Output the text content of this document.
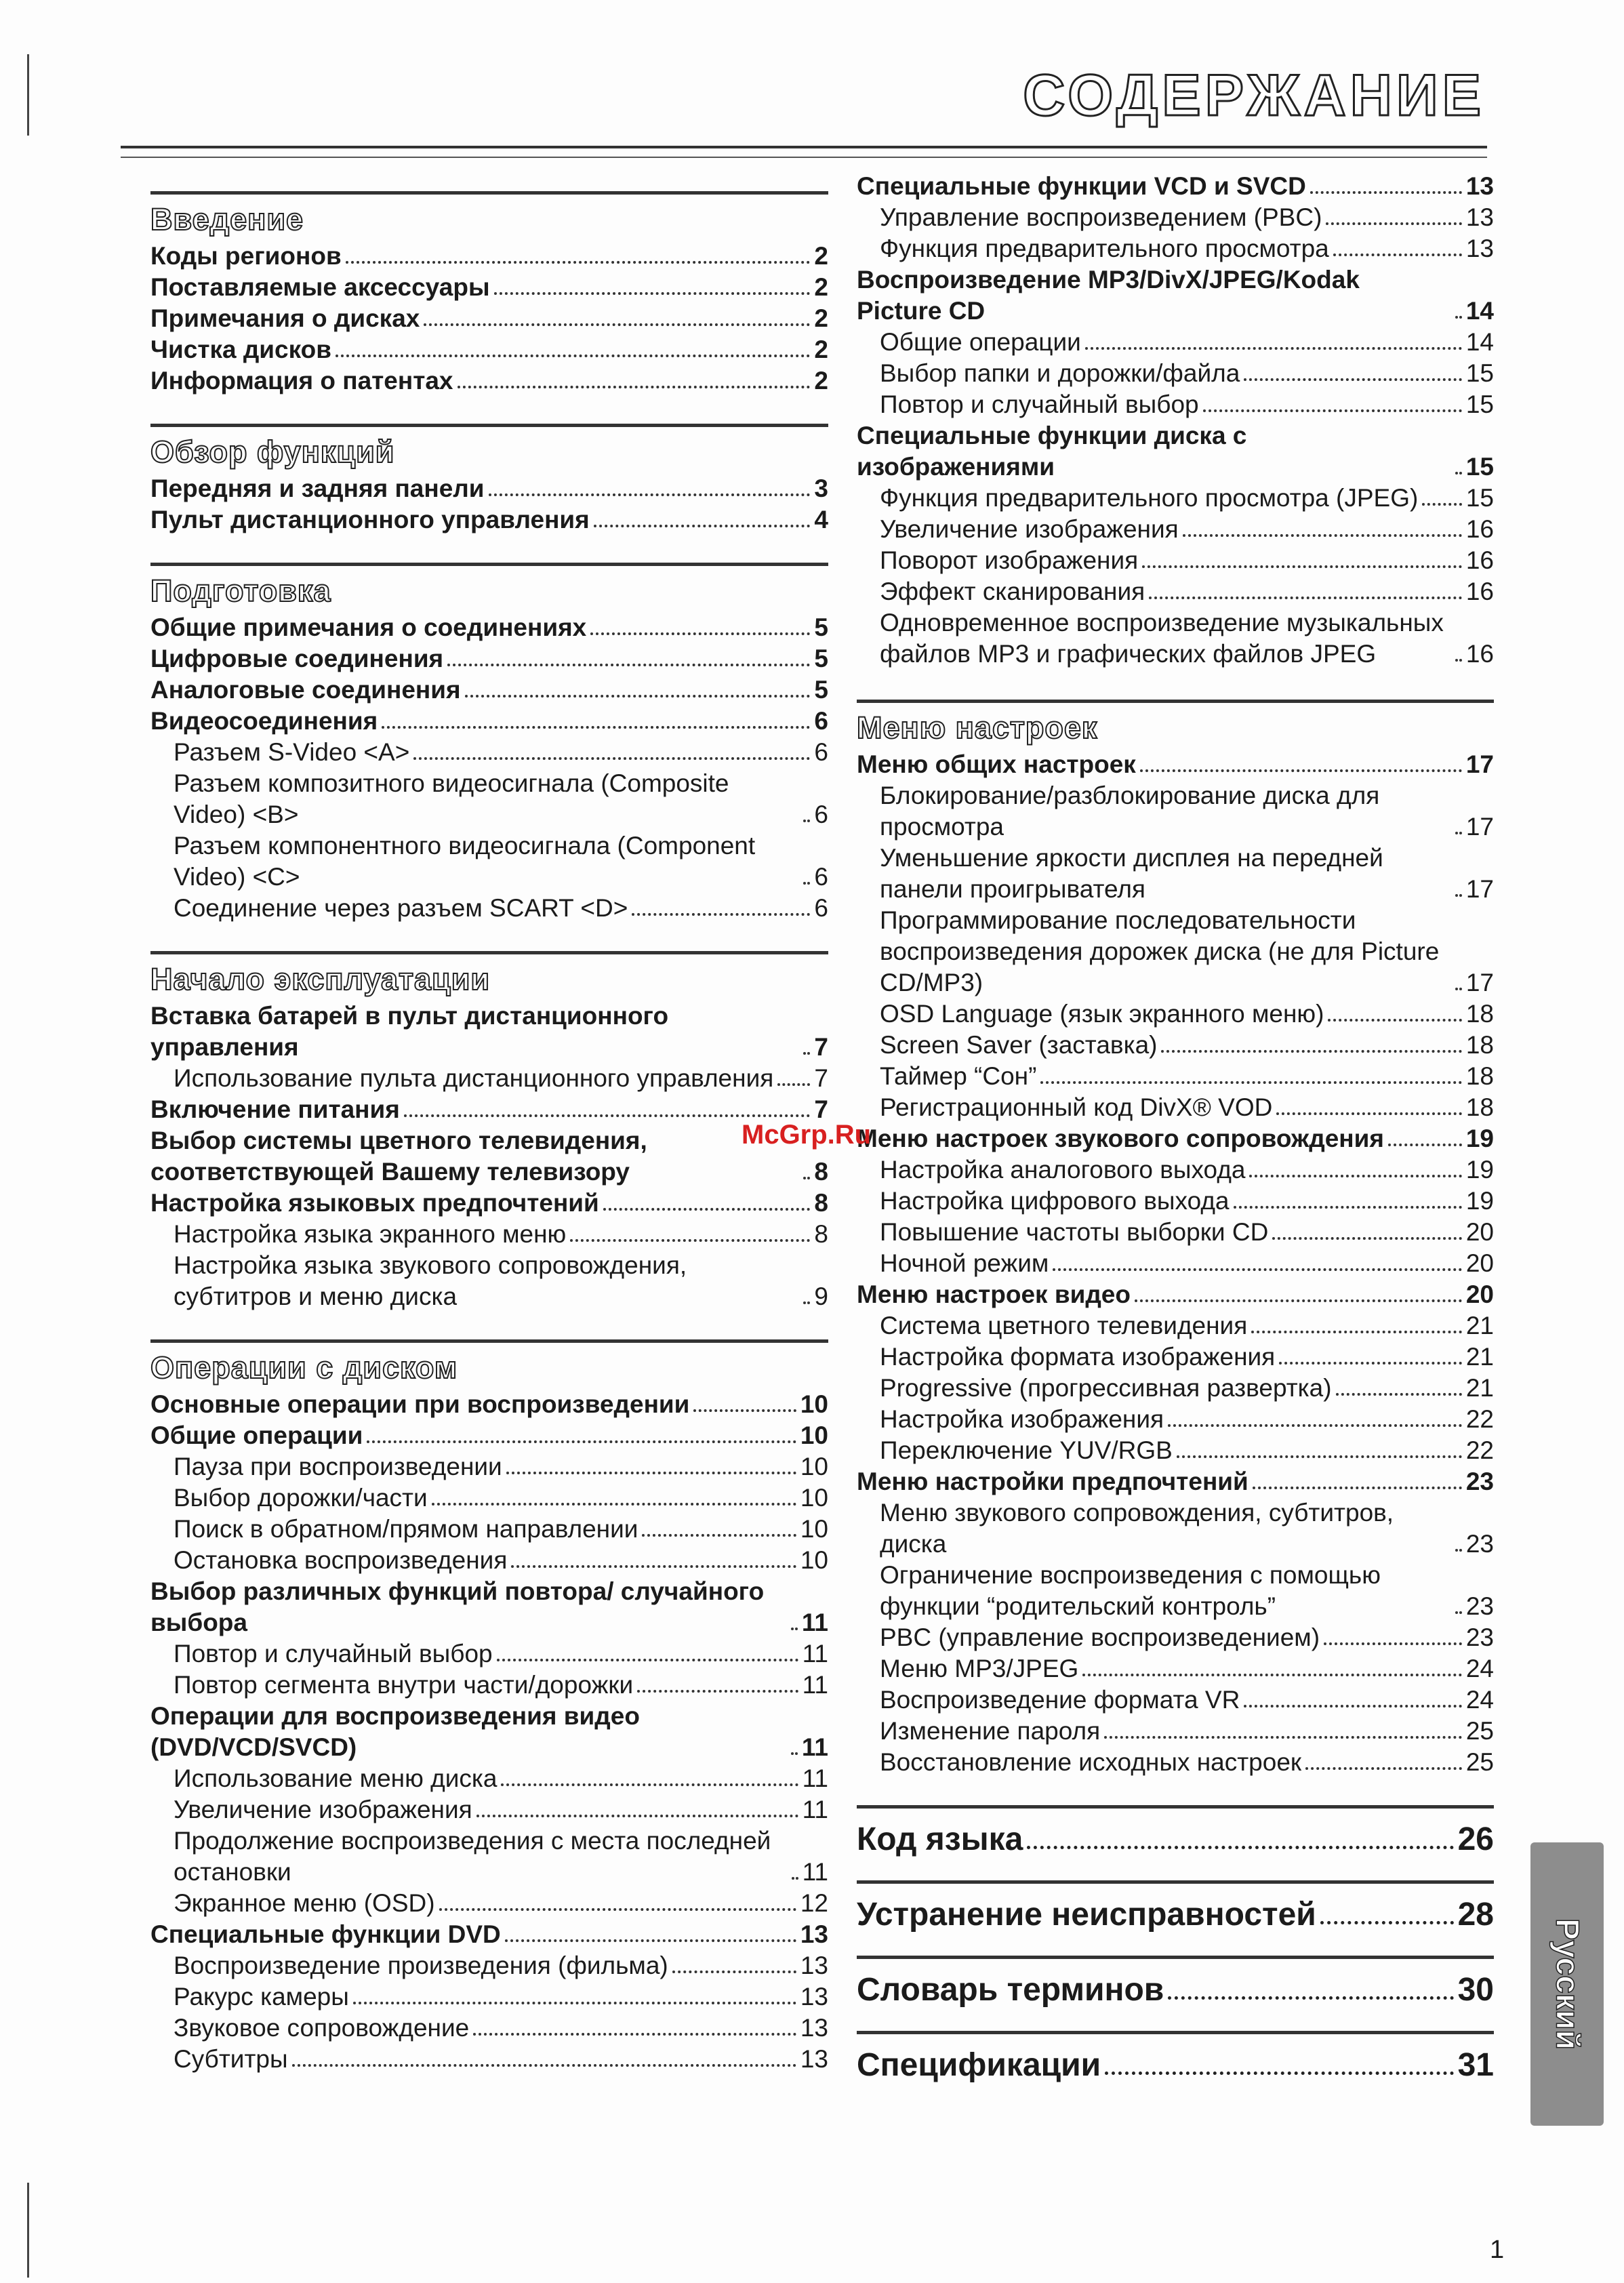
СОДЕРЖАНИЕ
Введение
Коды регионов	2
Поставляемые аксессуары	2
Примечания о дисках	2
Чистка дисков	2
Информация о патентах	2
Обзор функций
Передняя и задняя панели	3
Пульт дистанционного управления	4
Подготовка
Общие примечания о соединениях	5
Цифровые соединения	5
Аналоговые соединения	5
Видеосоединения	6
Разъем S-Video <A>	6
Разъем композитного видеосигнала (Composite Video) <B>	6
Разъем компонентного видеосигнала (Component Video) <C>	6
Соединение через разъем SCART <D>	6
Начало эксплуатации
Вставка батарей в пульт дистанционного управления	7
Использование пульта дистанционного управления 7
Включение питания	7
Выбор системы цветного телевидения, соответствующей Вашему телевизору	8
Настройка языковых предпочтений	8
Настройка языка экранного меню	8
Настройка языка звукового сопровождения, субтитров и меню диска	9
Операции с диском
Основные операции при воспроизведении	10
Общие операции	10
Пауза при воспроизведении	10
Выбор дорожки/части	10
Поиск в обратном/прямом направлении	10
Остановка воспроизведения	10
Выбор различных функций повтора/ случайного выбора	11
Повтор и случайный выбор	11
Повтор сегмента внутри части/дорожки	11
Операции для воспроизведения видео (DVD/VCD/SVCD)	11
Использование меню диска	11
Увеличение изображения	11
Продолжение воспроизведения с места последней остановки	11
Экранное меню (OSD)	12
Специальные функции DVD	13
Воспроизведение произведения (фильма)	13
Ракурс камеры	13
Звуковое сопровождение	13
Субтитры	13
Специальные функции VCD и SVCD	13
Управление воспроизведением (PBC)	13
Функция предварительного просмотра	13
Воспроизведение MP3/DivX/JPEG/Kodak Picture CD	14
Общие операции	14
Выбор папки и дорожки/файла	15
Повтор и случайный выбор	15
Специальные функции диска с изображениями	15
Функция предварительного просмотра (JPEG) 15
Увеличение изображения	16
Поворот изображения	16
Эффект сканирования	16
Одновременное воспроизведение музыкальных файлов MP3 и графических файлов JPEG	16
Меню настроек
Меню общих настроек	17
Блокирование/разблокирование диска для просмотра	17
Уменьшение яркости дисплея на передней панели проигрывателя	17
Программирование последовательности воспроизведения дорожек диска (не для Picture CD/MP3)	17
OSD Language (язык экранного меню)	18
Screen Saver (заставка)	18
Таймер “Сон”	18
Регистрационный код DivX® VOD	18
Меню настроек звукового сопровождения	19
Настройка аналогового выхода	19
Настройка цифрового выхода	19
Повышение частоты выборки CD	20
Ночной режим	20
Меню настроек видео	20
Система цветного телевидения	21
Настройка формата изображения	21
Progressive (прогрессивная развертка)	21
Настройка изображения	22
Переключение YUV/RGB	22
Меню настройки предпочтений	23
Меню звукового сопровождения, субтитров, диска	23
Ограничение воспроизведения с помощью функции “родительский контроль”	23
PBC (управление воспроизведением)	23
Меню MP3/JPEG	24
Воспроизведение формата VR	24
Изменение пароля	25
Восстановление исходных настроек	25
Код языка	26
Устранение неисправностей	28
Словарь терминов	30
Спецификации	31
Русский
McGrp.Ru
1
